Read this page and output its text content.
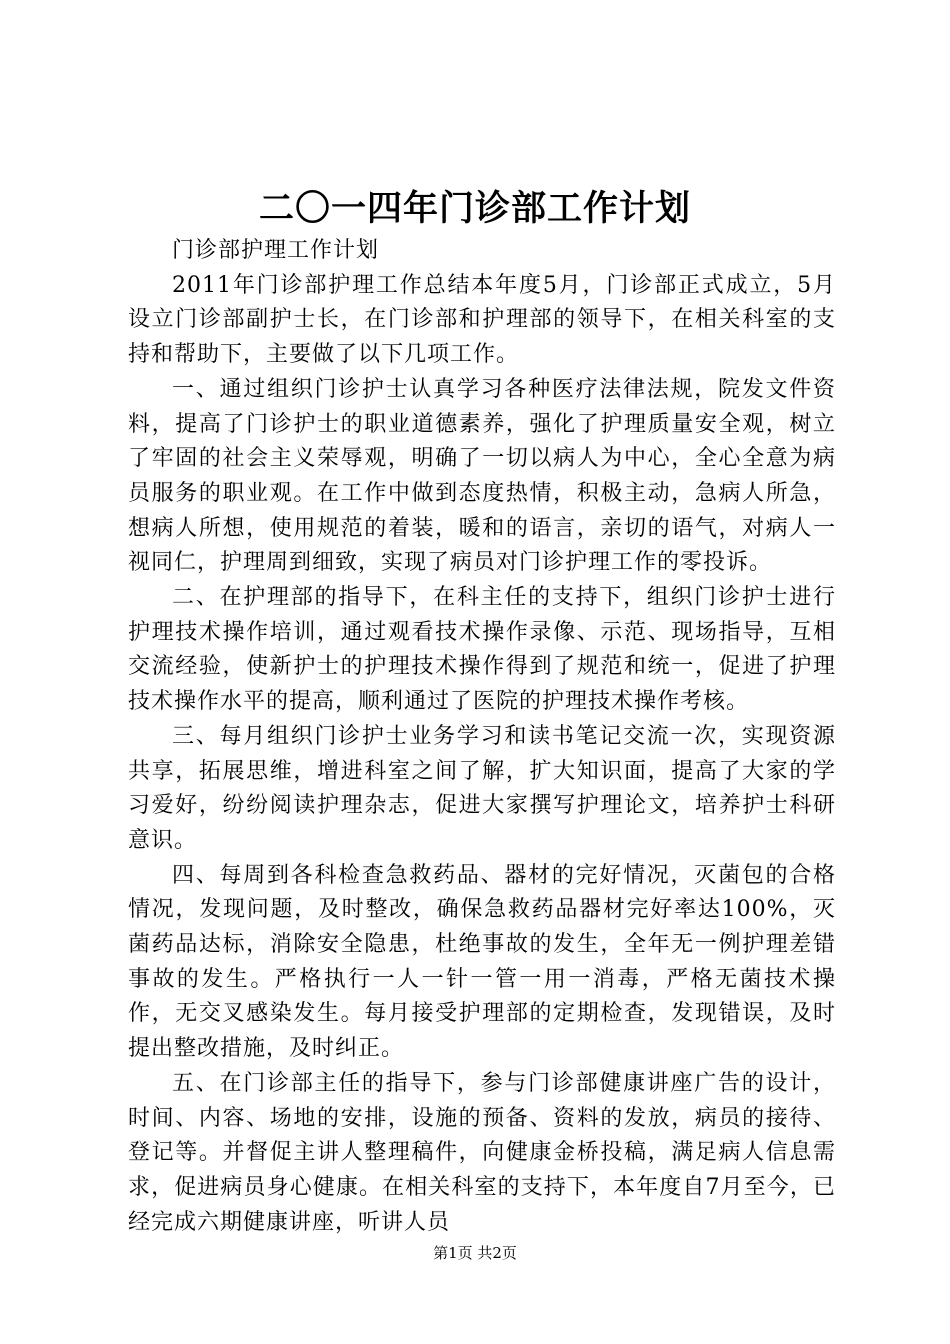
二〇一四年门诊部工作计划

门诊部护理工作计划

2011年门诊部护理工作总结本年度5月，门诊部正式成立，5月设立门诊部副护士长，在门诊部和护理部的领导下，在相关科室的支持和帮助下，主要做了以下几项工作。

一、通过组织门诊护士认真学习各种医疗法律法规，院发文件资料，提高了门诊护士的职业道德素养，强化了护理质量安全观，树立了牢固的社会主义荣辱观，明确了一切以病人为中心，全心全意为病员服务的职业观。在工作中做到态度热情，积极主动，急病人所急，想病人所想，使用规范的着装，暖和的语言，亲切的语气，对病人一视同仁，护理周到细致，实现了病员对门诊护理工作的零投诉。

二、在护理部的指导下，在科主任的支持下，组织门诊护士进行护理技术操作培训，通过观看技术操作录像、示范、现场指导，互相交流经验，使新护士的护理技术操作得到了规范和统一，促进了护理技术操作水平的提高，顺利通过了医院的护理技术操作考核。

三、每月组织门诊护士业务学习和读书笔记交流一次，实现资源共享，拓展思维，增进科室之间了解，扩大知识面，提高了大家的学习爱好，纷纷阅读护理杂志，促进大家撰写护理论文，培养护士科研意识。

四、每周到各科检查急救药品、器材的完好情况，灭菌包的合格情况，发现问题，及时整改，确保急救药品器材完好率达100%，灭菌药品达标，消除安全隐患，杜绝事故的发生，全年无一例护理差错事故的发生。严格执行一人一针一管一用一消毒，严格无菌技术操作，无交叉感染发生。每月接受护理部的定期检查，发现错误，及时提出整改措施，及时纠正。

五、在门诊部主任的指导下，参与门诊部健康讲座广告的设计，时间、内容、场地的安排，设施的预备、资料的发放，病员的接待、登记等。并督促主讲人整理稿件，向健康金桥投稿，满足病人信息需求，促进病员身心健康。在相关科室的支持下，本年度自7月至今，已经完成六期健康讲座，听讲人员

第1页 共2页
